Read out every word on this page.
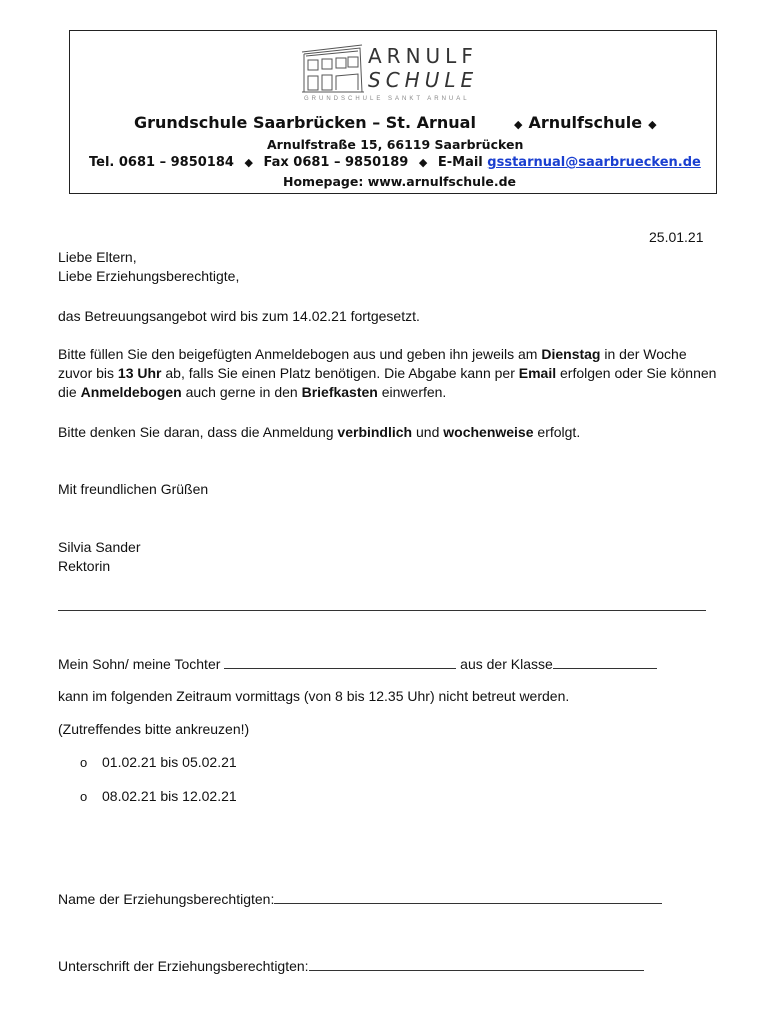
ARNULF
SCHULE
GRUNDSCHULE SANKT ARNUAL
Grundschule Saarbrücken – St. Arnual	◆ Arnulfschule ◆
Arnulfstraße 15, 66119 Saarbrücken
Tel. 0681 – 9850184 ◆ Fax 0681 – 9850189 ◆ E-Mail gsstarnual@saarbruecken.de
Homepage: www.arnulfschule.de
25.01.21
Liebe Eltern,
Liebe Erziehungsberechtigte,
das Betreuungsangebot wird bis zum 14.02.21 fortgesetzt.
Bitte füllen Sie den beigefügten Anmeldebogen aus und geben ihn jeweils am Dienstag in der Woche zuvor bis 13 Uhr ab, falls Sie einen Platz benötigen. Die Abgabe kann per Email erfolgen oder Sie können die Anmeldebogen auch gerne in den Briefkasten einwerfen.
Bitte denken Sie daran, dass die Anmeldung verbindlich und wochenweise erfolgt.
Mit freundlichen Grüßen
Silvia Sander
Rektorin
Mein Sohn/ meine Tochter	aus der Klasse
kann im folgenden Zeitraum vormittags (von 8 bis 12.35 Uhr) nicht betreut werden.
(Zutreffendes bitte ankreuzen!)
o 01.02.21 bis 05.02.21
o 08.02.21 bis 12.02.21
Name der Erziehungsberechtigten:
Unterschrift der Erziehungsberechtigten:
